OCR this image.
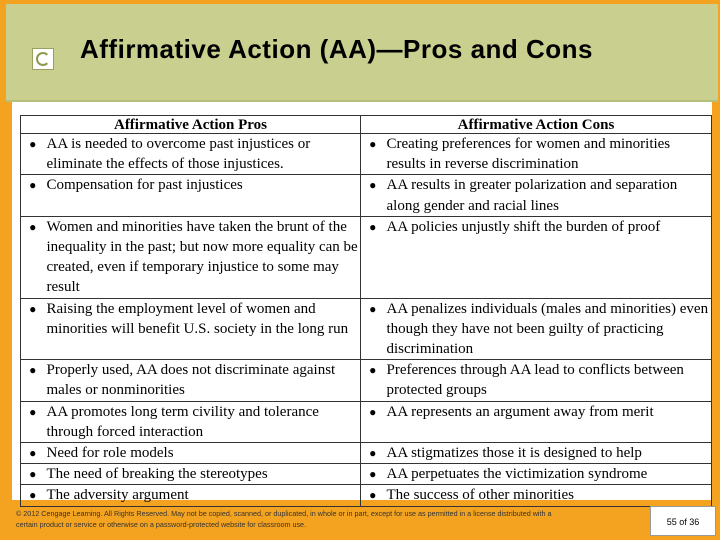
Affirmative Action (AA)—Pros and Cons
Affirmative Action Pros		Affirmative Action Cons	
●	AA is needed to overcome past injustices or eliminate the effects of those injustices.	●	Creating preferences for women and minorities results in reverse discrimination
●	Compensation for past injustices	●	AA results in greater polarization and separation along gender and racial lines
●	Women and minorities have taken the brunt of the inequality in the past; but now more equality can be created, even if temporary injustice to some may result	●	AA policies unjustly shift the burden of proof
●	Raising the employment level of women and minorities will benefit U.S. society in the long run	●	AA penalizes individuals (males and minorities) even though they have not been guilty of practicing discrimination
●	Properly used, AA does not discriminate against males or nonminorities	●	Preferences through AA lead to conflicts between protected groups
●	AA promotes long term civility and tolerance through forced interaction	●	AA represents an argument away from merit
●	Need for role models	●	AA stigmatizes those it is designed to help
●	The need of breaking the stereotypes	●	AA perpetuates the victimization syndrome
●	The adversity argument	●	The success of other minorities
© 2012 Cengage Learning. All Rights Reserved. May not be copied, scanned, or duplicated, in whole or in part, except for use as permitted in a license distributed with a certain product or service or otherwise on a password-protected website for classroom use.	55 of 36
